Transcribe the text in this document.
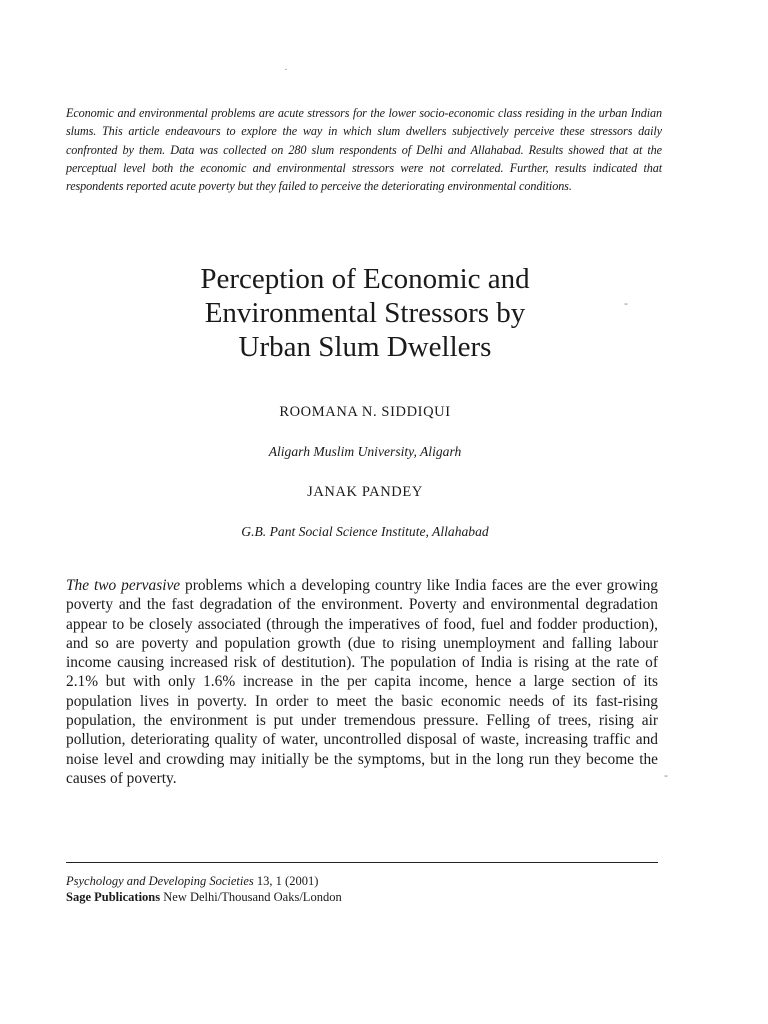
Economic and environmental problems are acute stressors for the lower socio-economic class residing in the urban Indian slums. This article endeavours to explore the way in which slum dwellers subjectively perceive these stressors daily confronted by them. Data was collected on 280 slum respondents of Delhi and Allahabad. Results showed that at the perceptual level both the economic and environmental stressors were not correlated. Further, results indicated that respondents reported acute poverty but they failed to perceive the deteriorating environmental conditions.
Perception of Economic and
Environmental Stressors by
Urban Slum Dwellers
ROOMANA N. SIDDIQUI
Aligarh Muslim University, Aligarh
JANAK PANDEY
G.B. Pant Social Science Institute, Allahabad

The two pervasive problems which a developing country like India faces are the ever growing poverty and the fast degradation of the environment. Poverty and environmental degradation appear to be closely associated (through the imperatives of food, fuel and fodder production), and so are poverty and population growth (due to rising unemployment and falling labour income causing increased risk of destitution). The population of India is rising at the rate of 2.1% but with only 1.6% increase in the per capita income, hence a large section of its population lives in poverty. In order to meet the basic economic needs of its fast-rising population, the environment is put under tremendous pressure. Felling of trees, rising air pollution, deteriorating quality of water, uncontrolled disposal of waste, increasing traffic and noise level and crowding may initially be the symptoms, but in the long run they become the causes of poverty.

Psychology and Developing Societies 13, 1 (2001)
Sage Publications New Delhi/Thousand Oaks/London
·
-
-
